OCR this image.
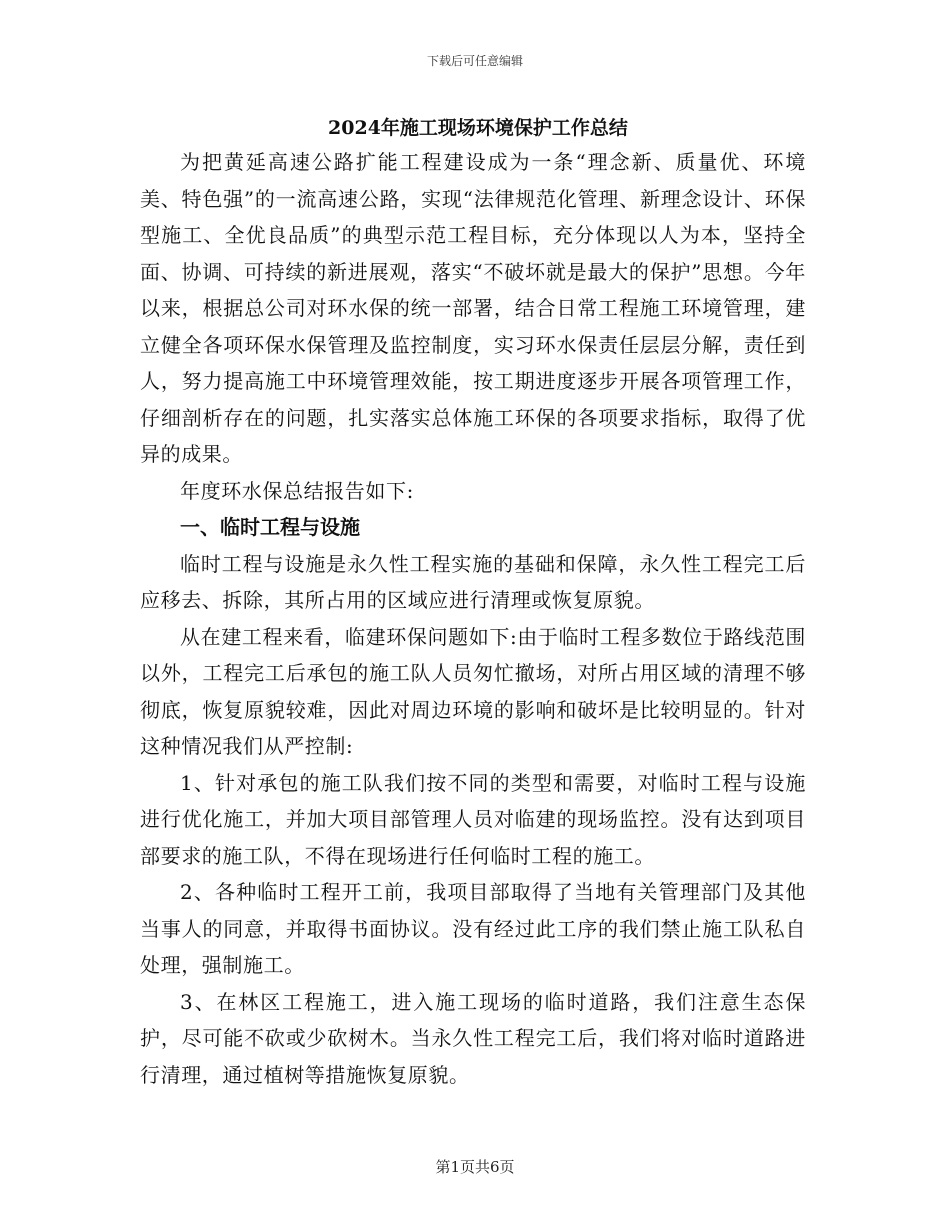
下载后可任意编辑
2024年施工现场环境保护工作总结

为把黄延高速公路扩能工程建设成为一条“理念新、质量优、环境美、特色强”的一流高速公路，实现“法律规范化管理、新理念设计、环保型施工、全优良品质”的典型示范工程目标，充分体现以人为本，坚持全面、协调、可持续的新进展观，落实“不破坏就是最大的保护”思想。今年以来，根据总公司对环水保的统一部署，结合日常工程施工环境管理，建立健全各项环保水保管理及监控制度，实习环水保责任层层分解，责任到人，努力提高施工中环境管理效能，按工期进度逐步开展各项管理工作，仔细剖析存在的问题，扎实落实总体施工环保的各项要求指标，取得了优异的成果。

年度环水保总结报告如下:

一、临时工程与设施

临时工程与设施是永久性工程实施的基础和保障，永久性工程完工后应移去、拆除，其所占用的区域应进行清理或恢复原貌。

从在建工程来看，临建环保问题如下:由于临时工程多数位于路线范围以外，工程完工后承包的施工队人员匆忙撤场，对所占用区域的清理不够彻底，恢复原貌较难，因此对周边环境的影响和破坏是比较明显的。针对这种情况我们从严控制:

1、针对承包的施工队我们按不同的类型和需要，对临时工程与设施进行优化施工，并加大项目部管理人员对临建的现场监控。没有达到项目部要求的施工队，不得在现场进行任何临时工程的施工。

2、各种临时工程开工前，我项目部取得了当地有关管理部门及其他当事人的同意，并取得书面协议。没有经过此工序的我们禁止施工队私自处理，强制施工。

3、在林区工程施工，进入施工现场的临时道路，我们注意生态保护，尽可能不砍或少砍树木。当永久性工程完工后，我们将对临时道路进行清理，通过植树等措施恢复原貌。

第1页共6页
